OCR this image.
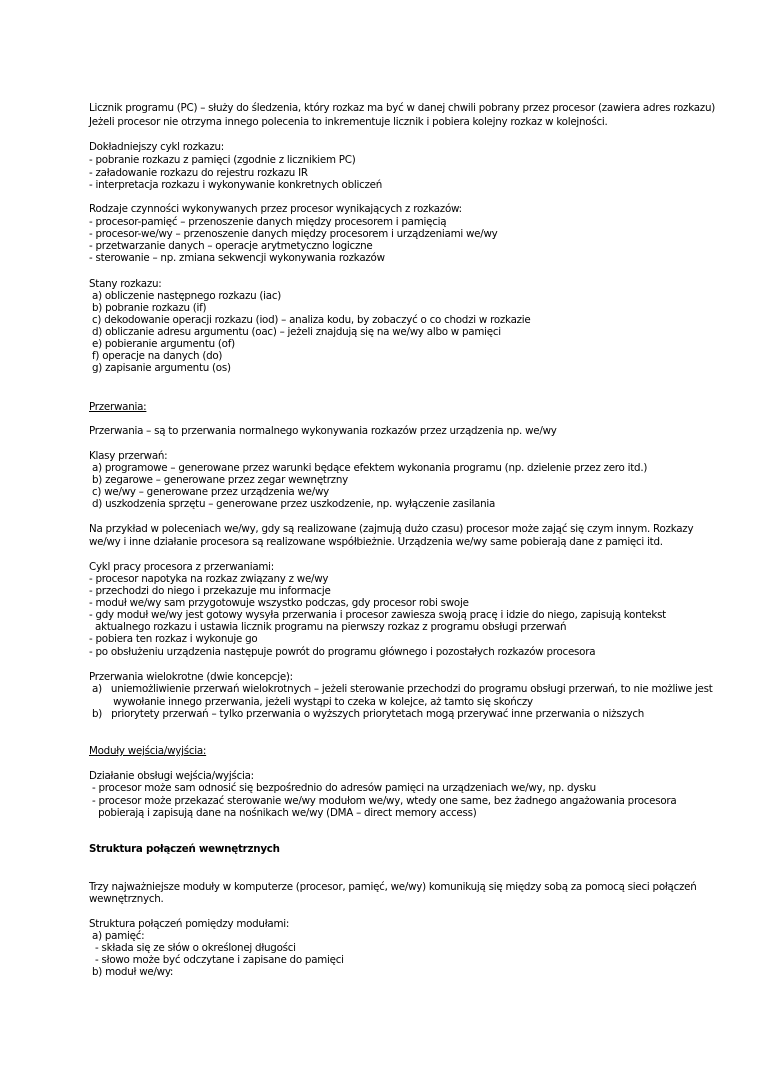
Licznik programu (PC) – służy do śledzenia, który rozkaz ma być w danej chwili pobrany przez procesor (zawiera adres rozkazu)
Jeżeli procesor nie otrzyma innego polecenia to inkrementuje licznik i pobiera kolejny rozkaz w kolejności.
Dokładniejszy cykl rozkazu:
- pobranie rozkazu z pamięci (zgodnie z licznikiem PC)
- załadowanie rozkazu do rejestru rozkazu IR
- interpretacja rozkazu i wykonywanie konkretnych obliczeń
Rodzaje czynności wykonywanych przez procesor wynikających z rozkazów:
- procesor-pamięć – przenoszenie danych między procesorem i pamięcią
- procesor-we/wy – przenoszenie danych między procesorem i urządzeniami we/wy
- przetwarzanie danych – operacje arytmetyczno logiczne
- sterowanie – np. zmiana sekwencji wykonywania rozkazów
Stany rozkazu:
a) obliczenie następnego rozkazu (iac)
b) pobranie rozkazu (if)
c) dekodowanie operacji rozkazu (iod) – analiza kodu, by zobaczyć o co chodzi w rozkazie
d) obliczanie adresu argumentu (oac) – jeżeli znajdują się na we/wy albo w pamięci
e) pobieranie argumentu (of)
f) operacje na danych (do)
g) zapisanie argumentu (os)
Przerwania:
Przerwania – są to przerwania normalnego wykonywania rozkazów przez urządzenia np. we/wy
Klasy przerwań:
a) programowe – generowane przez warunki będące efektem wykonania programu (np. dzielenie przez zero itd.)
b) zegarowe – generowane przez zegar wewnętrzny
c) we/wy – generowane przez urządzenia we/wy
d) uszkodzenia sprzętu – generowane przez uszkodzenie, np. wyłączenie zasilania
Na przykład w poleceniach we/wy, gdy są realizowane (zajmują dużo czasu) procesor może zająć się czym innym. Rozkazy
we/wy i inne działanie procesora są realizowane współbieżnie. Urządzenia we/wy same pobierają dane z pamięci itd.
Cykl pracy procesora z przerwaniami:
- procesor napotyka na rozkaz związany z we/wy
- przechodzi do niego i przekazuje mu informacje
- moduł we/wy sam przygotowuje wszystko podczas, gdy procesor robi swoje
- gdy moduł we/wy jest gotowy wysyła przerwania i procesor zawiesza swoją pracę i idzie do niego, zapisują kontekst
aktualnego rozkazu i ustawia licznik programu na pierwszy rozkaz z programu obsługi przerwań
- pobiera ten rozkaz i wykonuje go
- po obsłużeniu urządzenia następuje powrót do programu głównego i pozostałych rozkazów procesora
Przerwania wielokrotne (dwie koncepcje):
a)   uniemożliwienie przerwań wielokrotnych – jeżeli sterowanie przechodzi do programu obsługi przerwań, to nie możliwe jest
wywołanie innego przerwania, jeżeli wystąpi to czeka w kolejce, aż tamto się skończy
b)   priorytety przerwań – tylko przerwania o wyższych priorytetach mogą przerywać inne przerwania o niższych
Moduły wejścia/wyjścia:
Działanie obsługi wejścia/wyjścia:
- procesor może sam odnosić się bezpośrednio do adresów pamięci na urządzeniach we/wy, np. dysku
- procesor może przekazać sterowanie we/wy modułom we/wy, wtedy one same, bez żadnego angażowania procesora
pobierają i zapisują dane na nośnikach we/wy (DMA – direct memory access)
Struktura połączeń wewnętrznych
Trzy najważniejsze moduły w komputerze (procesor, pamięć, we/wy) komunikują się między sobą za pomocą sieci połączeń
wewnętrznych.
Struktura połączeń pomiędzy modułami:
a) pamięć:
- składa się ze słów o określonej długości
- słowo może być odczytane i zapisane do pamięci
b) moduł we/wy:
